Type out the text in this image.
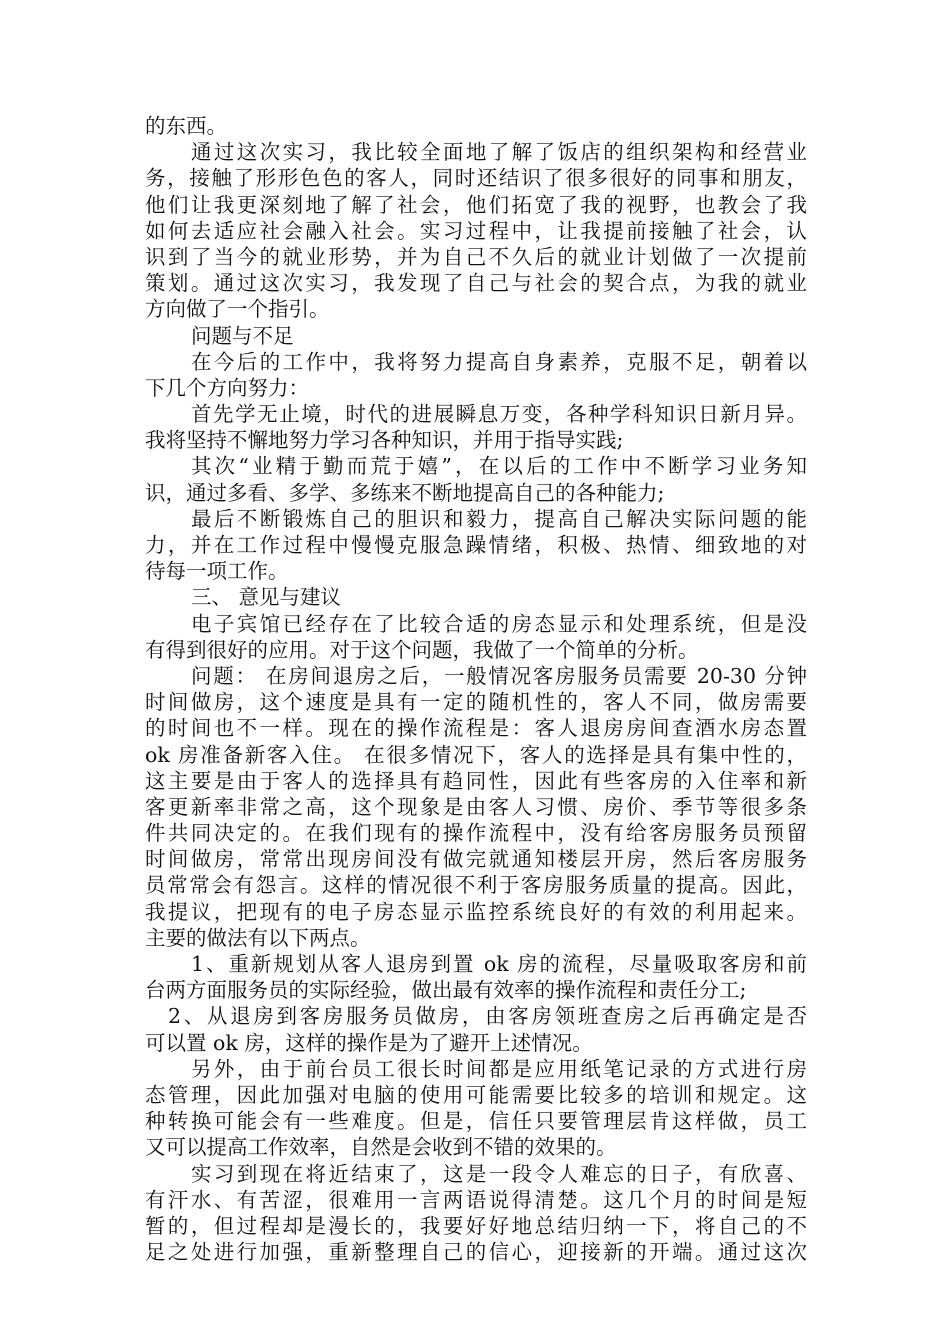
的东西。
通过这次实习，我比较全面地了解了饭店的组织架构和经营业
务，接触了形形色色的客人，同时还结识了很多很好的同事和朋友，
他们让我更深刻地了解了社会，他们拓宽了我的视野，也教会了我
如何去适应社会融入社会。实习过程中，让我提前接触了社会，认
识到了当今的就业形势，并为自己不久后的就业计划做了一次提前
策划。通过这次实习，我发现了自己与社会的契合点，为我的就业
方向做了一个指引。
问题与不足
在今后的工作中，我将努力提高自身素养，克服不足，朝着以
下几个方向努力：
首先学无止境，时代的进展瞬息万变，各种学科知识日新月异。
我将坚持不懈地努力学习各种知识，并用于指导实践;
其次“业精于勤而荒于嬉”，在以后的工作中不断学习业务知
识，通过多看、多学、多练来不断地提高自己的各种能力;
最后不断锻炼自己的胆识和毅力，提高自己解决实际问题的能
力，并在工作过程中慢慢克服急躁情绪，积极、热情、细致地的对
待每一项工作。
三、 意见与建议
电子宾馆已经存在了比较合适的房态显示和处理系统，但是没
有得到很好的应用。对于这个问题，我做了一个简单的分析。
问题： 在房间退房之后，一般情况客房服务员需要 20-30 分钟
时间做房，这个速度是具有一定的随机性的，客人不同，做房需要
的时间也不一样。现在的操作流程是：客人退房房间查酒水房态置
ok 房准备新客入住。 在很多情况下，客人的选择是具有集中性的，
这主要是由于客人的选择具有趋同性，因此有些客房的入住率和新
客更新率非常之高，这个现象是由客人习惯、房价、季节等很多条
件共同决定的。在我们现有的操作流程中，没有给客房服务员预留
时间做房，常常出现房间没有做完就通知楼层开房，然后客房服务
员常常会有怨言。这样的情况很不利于客房服务质量的提高。因此，
我提议，把现有的电子房态显示监控系统良好的有效的利用起来。
主要的做法有以下两点。
1、重新规划从客人退房到置 ok 房的流程，尽量吸取客房和前
台两方面服务员的实际经验，做出最有效率的操作流程和责任分工;
2、从退房到客房服务员做房，由客房领班查房之后再确定是否
可以置 ok 房，这样的操作是为了避开上述情况。
另外，由于前台员工很长时间都是应用纸笔记录的方式进行房
态管理，因此加强对电脑的使用可能需要比较多的培训和规定。这
种转换可能会有一些难度。但是，信任只要管理层肯这样做，员工
又可以提高工作效率，自然是会收到不错的效果的。
实习到现在将近结束了，这是一段令人难忘的日子，有欣喜、
有汗水、有苦涩，很难用一言两语说得清楚。这几个月的时间是短
暂的，但过程却是漫长的，我要好好地总结归纳一下，将自己的不
足之处进行加强，重新整理自己的信心，迎接新的开端。通过这次
